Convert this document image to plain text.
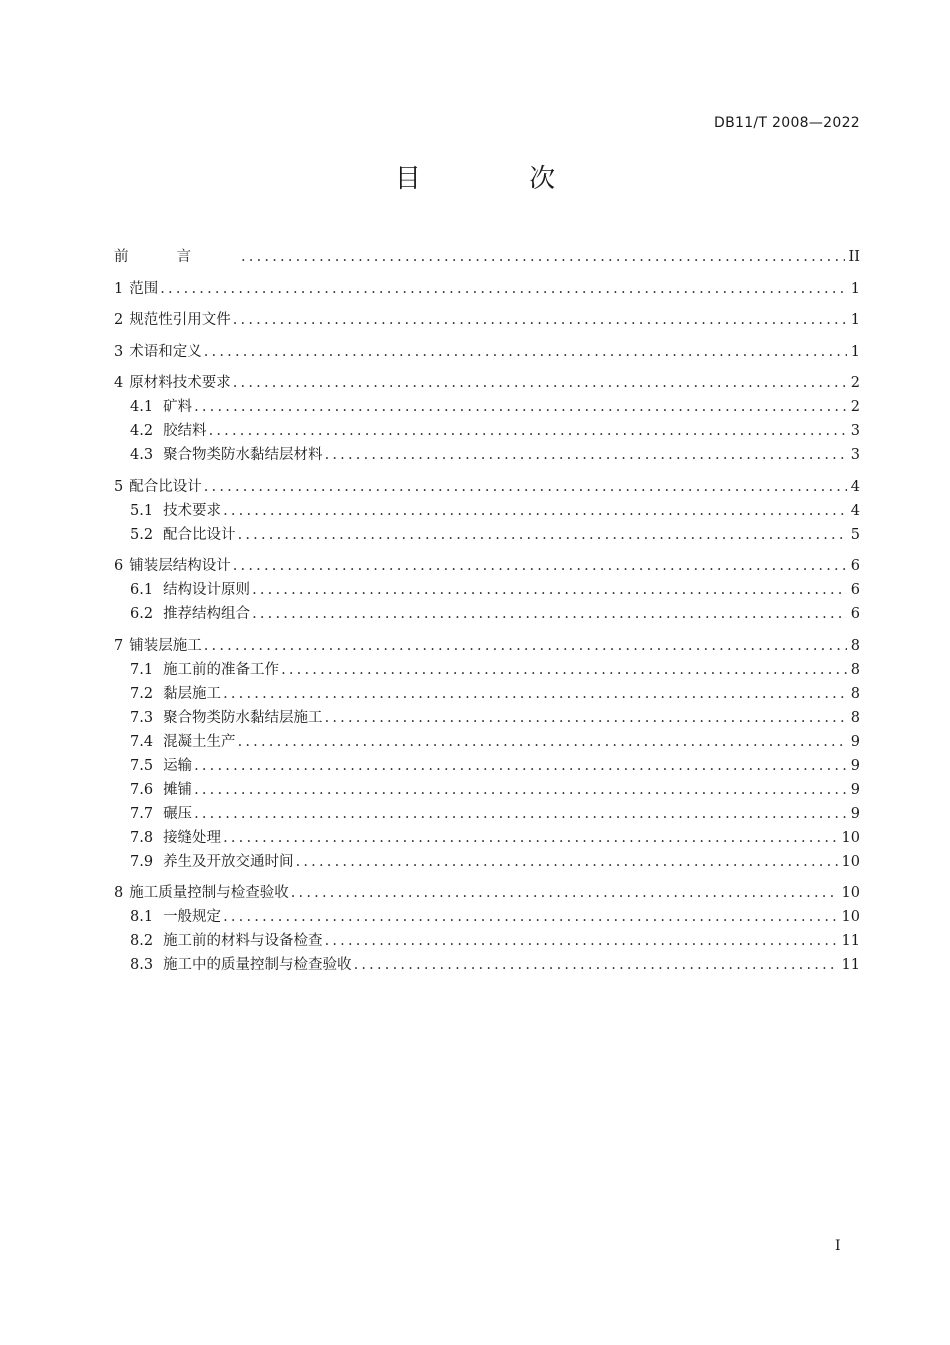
DB11/T 2008—2022
目 次
前言 .....	II
1 范围 .....	1
2 规范性引用文件 .....	1
3 术语和定义 .....	1
4 原材料技术要求 .....	2
4.1 矿料 .....	2
4.2 胶结料 .....	3
4.3 聚合物类防水黏结层材料 .....	3
5 配合比设计 .....	4
5.1 技术要求 .....	4
5.2 配合比设计 .....	5
6 铺装层结构设计 .....	6
6.1 结构设计原则 .....	6
6.2 推荐结构组合 .....	6
7 铺装层施工 .....	8
7.1 施工前的准备工作 .....	8
7.2 黏层施工 .....	8
7.3 聚合物类防水黏结层施工 .....	8
7.4 混凝土生产 .....	9
7.5 运输 .....	9
7.6 摊铺 .....	9
7.7 碾压 .....	9
7.8 接缝处理 .....	10
7.9 养生及开放交通时间 .....	10
8 施工质量控制与检查验收 .....	10
8.1 一般规定 .....	10
8.2 施工前的材料与设备检查 .....	11
8.3 施工中的质量控制与检查验收 .....	11
I
